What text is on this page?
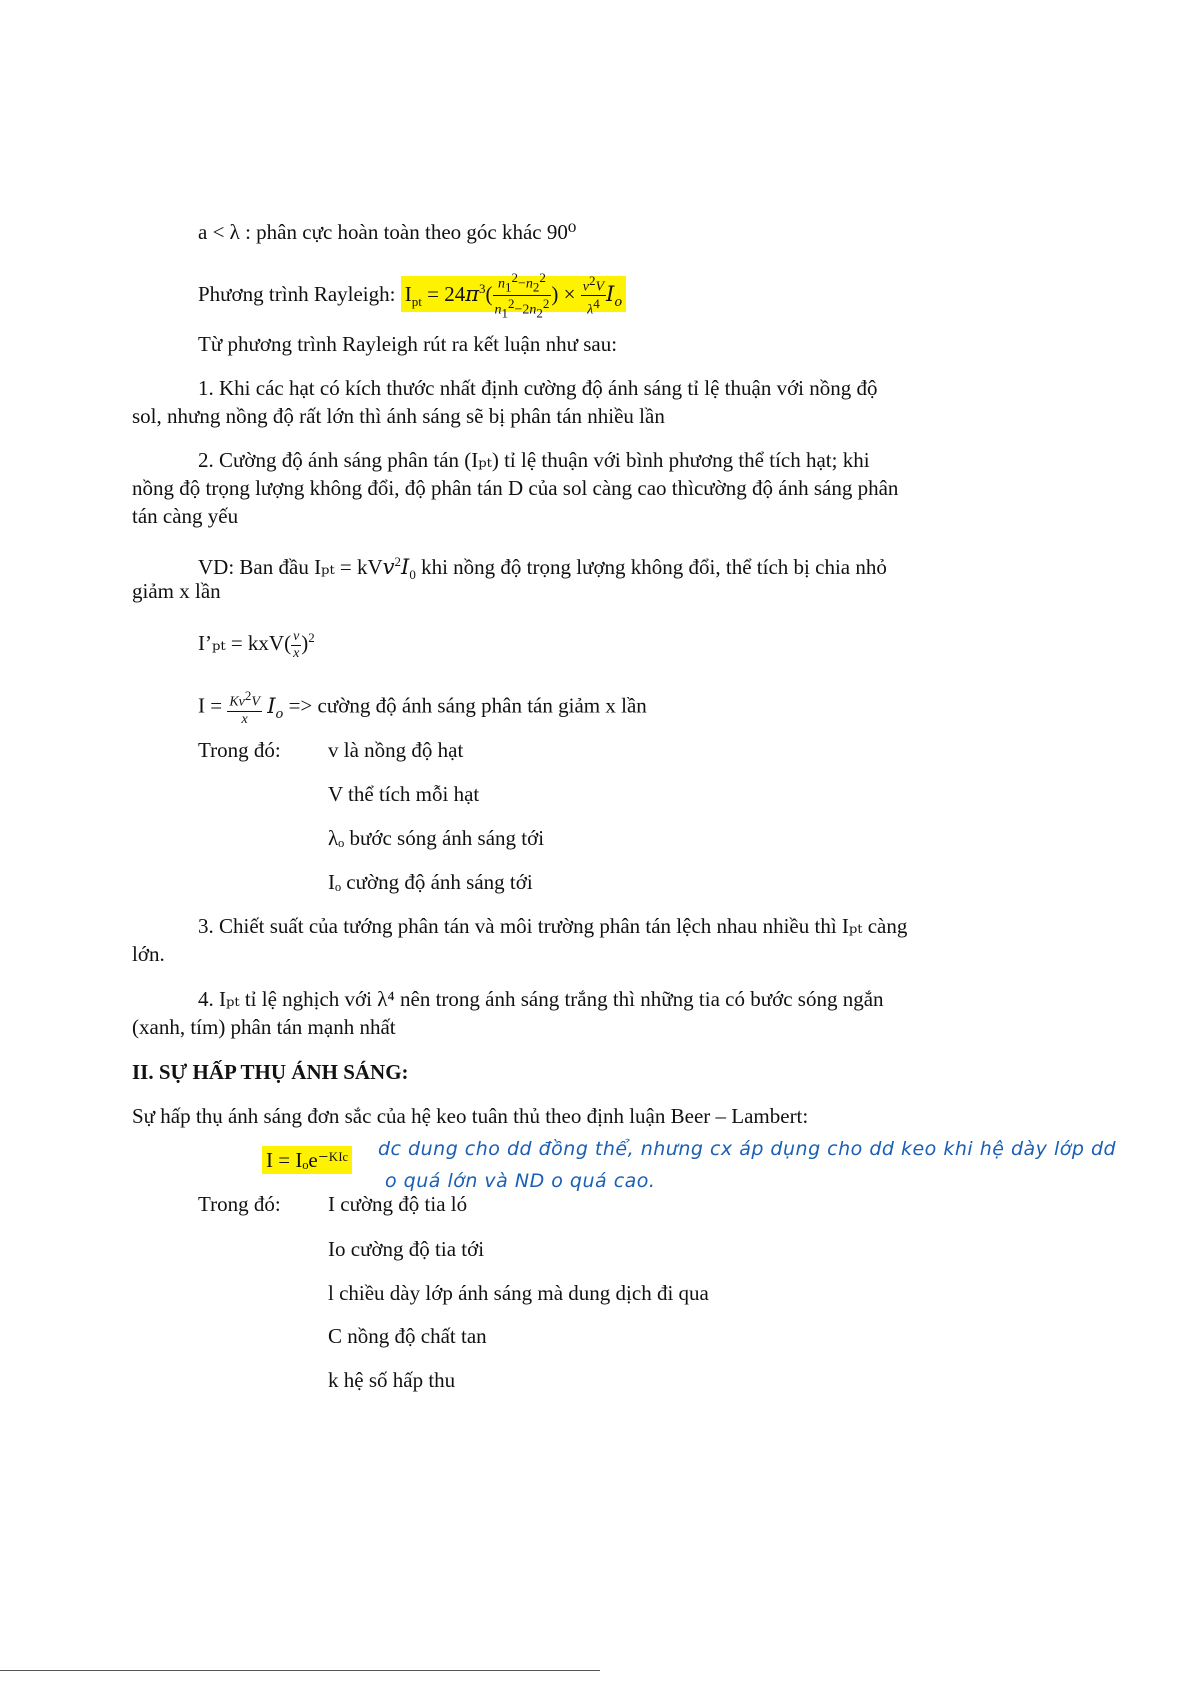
a < λ : phân cực hoàn toàn theo góc khác 90⁰
Phương trình Rayleigh: $I_{pt} = 24\pi^3( \frac{n_1^2-n_2^2}{n_1^2-2n_2^2}$ ) × $\frac{v^2V}{\lambda^4} I_o$
Từ phương trình Rayleigh rút ra kết luận như sau:
1. Khi các hạt có kích thước nhất định cường độ ánh sáng tỉ lệ thuận với nồng độ
sol, nhưng nồng độ rất lớn thì ánh sáng sẽ bị phân tán nhiều lần
2. Cường độ ánh sáng phân tán (Iₚₜ) tỉ lệ thuận với bình phương thể tích hạt; khi
nồng độ trọng lượng không đổi, độ phân tán D của sol càng cao thìcường độ ánh sáng phân
tán càng yếu
VD: Ban đầu $I_{pt} = kVv^2I_0$ khi nồng độ trọng lượng không đổi, thể tích bị chia nhỏ
giảm x lần
I’ₚₜ = $kxV( \frac{v}{x} )^2$
$I = \frac{Kv^2V}{x} I_o$ => cường độ ánh sáng phân tán giảm x lần
Trong đó: v là nồng độ hạt
V thể tích mỗi hạt
λₒ bước sóng ánh sáng tới
Iₒ cường độ ánh sáng tới
3. Chiết suất của tướng phân tán và môi trường phân tán lệch nhau nhiều thì Iₚₜ càng
lớn.
4. Iₚₜ tỉ lệ nghịch với λ⁴ nên trong ánh sáng trắng thì những tia có bước sóng ngắn
(xanh, tím) phân tán mạnh nhất
II. SỰ HẤP THỤ ÁNH SÁNG:
Sự hấp thụ ánh sáng đơn sắc của hệ keo tuân thủ theo định luận Beer – Lambert:
I = Iₒe⁻ᴷᴵᶜ dc dung cho dd đồng thể, nhưng cx áp dụng cho dd keo khi hệ dày lớp dd
o quá lớn và ND o quá cao.
Trong đó: I cường độ tia ló
Io cường độ tia tới
l chiều dày lớp ánh sáng mà dung dịch đi qua
C nồng độ chất tan
k hệ số hấp thu
